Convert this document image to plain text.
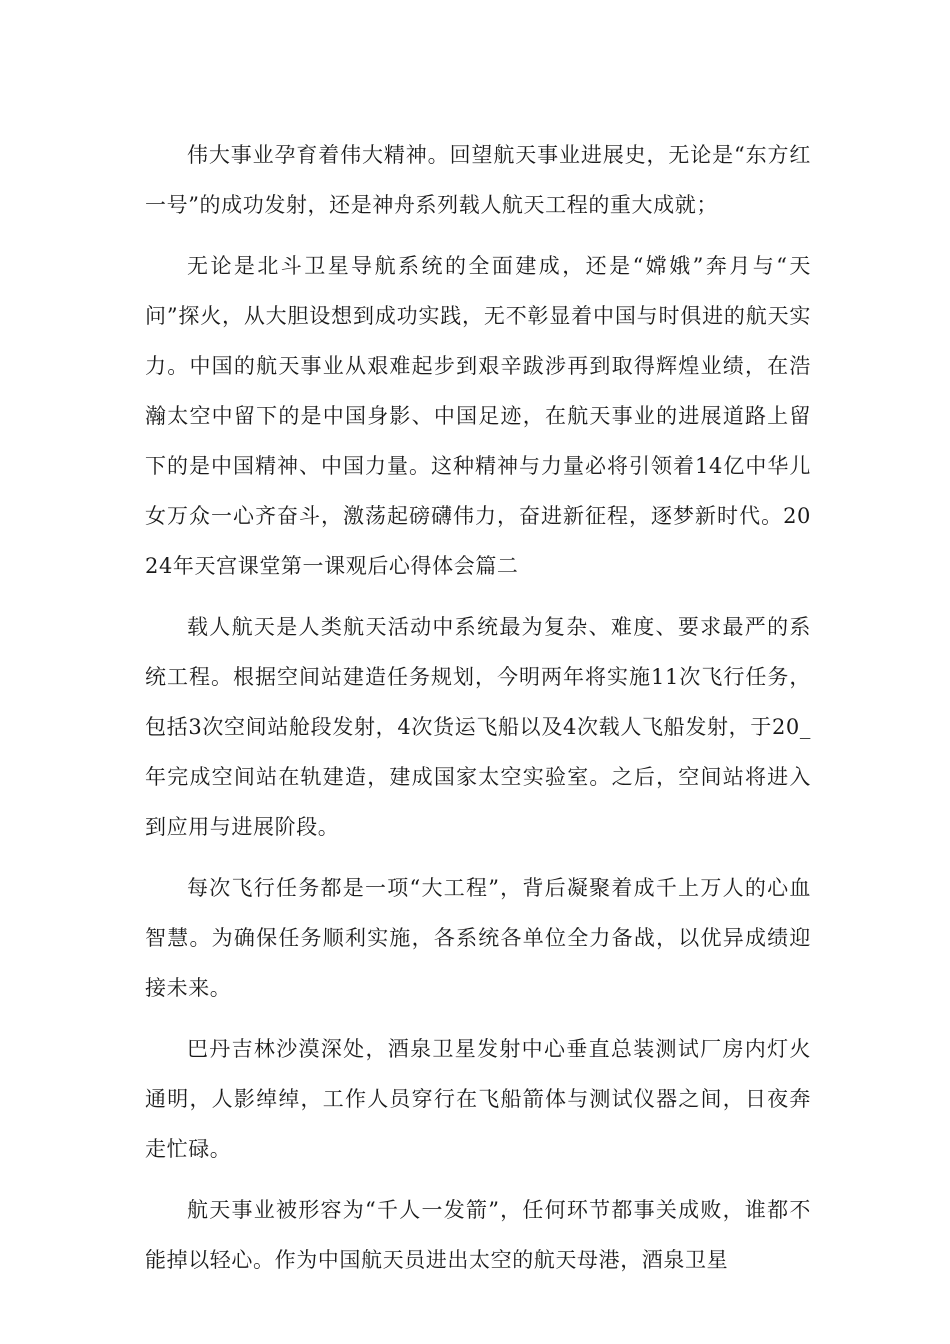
伟大事业孕育着伟大精神。回望航天事业进展史，无论是“东方红一号”的成功发射，还是神舟系列载人航天工程的重大成就；

无论是北斗卫星导航系统的全面建成，还是“嫦娥”奔月与“天问”探火，从大胆设想到成功实践，无不彰显着中国与时俱进的航天实力。中国的航天事业从艰难起步到艰辛跋涉再到取得辉煌业绩，在浩瀚太空中留下的是中国身影、中国足迹，在航天事业的进展道路上留下的是中国精神、中国力量。这种精神与力量必将引领着14亿中华儿女万众一心齐奋斗，激荡起磅礴伟力，奋进新征程，逐梦新时代。2024年天宫课堂第一课观后心得体会篇二

载人航天是人类航天活动中系统最为复杂、难度、要求最严的系统工程。根据空间站建造任务规划，今明两年将实施11次飞行任务，包括3次空间站舱段发射，4次货运飞船以及4次载人飞船发射，于20_年完成空间站在轨建造，建成国家太空实验室。之后，空间站将进入到应用与进展阶段。

每次飞行任务都是一项“大工程”，背后凝聚着成千上万人的心血智慧。为确保任务顺利实施，各系统各单位全力备战，以优异成绩迎接未来。

巴丹吉林沙漠深处，酒泉卫星发射中心垂直总装测试厂房内灯火通明，人影绰绰，工作人员穿行在飞船箭体与测试仪器之间，日夜奔走忙碌。

航天事业被形容为“千人一发箭”，任何环节都事关成败，谁都不能掉以轻心。作为中国航天员进出太空的航天母港，酒泉卫星
